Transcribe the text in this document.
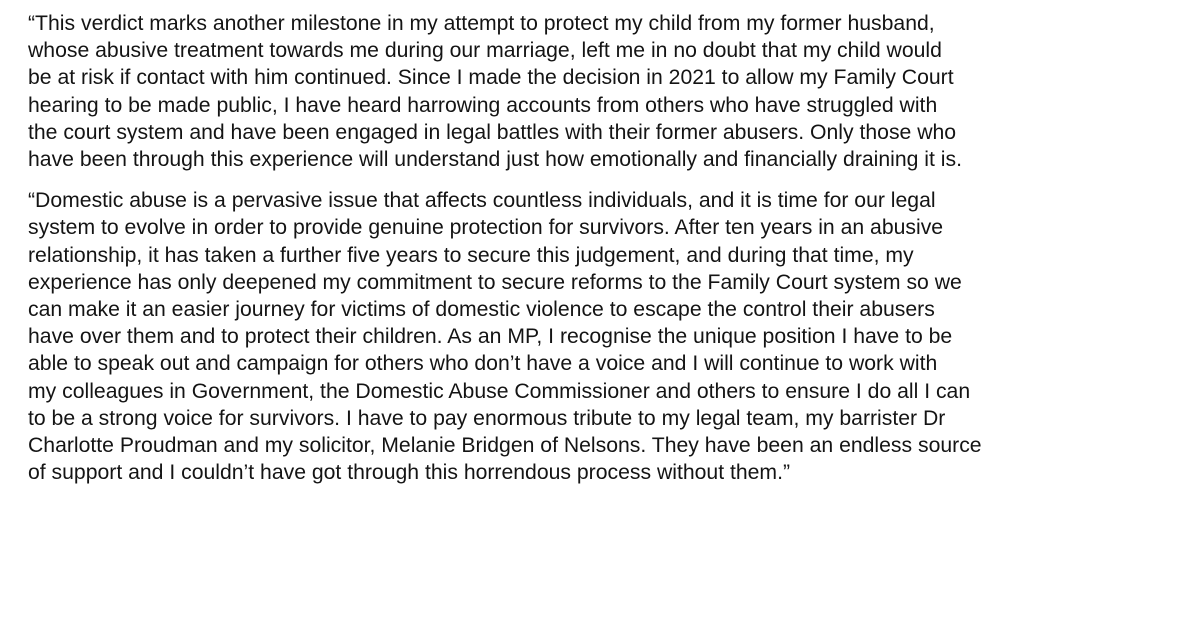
“This verdict marks another milestone in my attempt to protect my child from my former husband,
whose abusive treatment towards me during our marriage, left me in no doubt that my child would
be at risk if contact with him continued. Since I made the decision in 2021 to allow my Family Court
hearing to be made public, I have heard harrowing accounts from others who have struggled with
the court system and have been engaged in legal battles with their former abusers. Only those who
have been through this experience will understand just how emotionally and financially draining it is.

“Domestic abuse is a pervasive issue that affects countless individuals, and it is time for our legal
system to evolve in order to provide genuine protection for survivors. After ten years in an abusive
relationship, it has taken a further five years to secure this judgement, and during that time, my
experience has only deepened my commitment to secure reforms to the Family Court system so we
can make it an easier journey for victims of domestic violence to escape the control their abusers
have over them and to protect their children. As an MP, I recognise the unique position I have to be
able to speak out and campaign for others who don’t have a voice and I will continue to work with
my colleagues in Government, the Domestic Abuse Commissioner and others to ensure I do all I can
to be a strong voice for survivors. I have to pay enormous tribute to my legal team, my barrister Dr
Charlotte Proudman and my solicitor, Melanie Bridgen of Nelsons. They have been an endless source
of support and I couldn’t have got through this horrendous process without them.”
